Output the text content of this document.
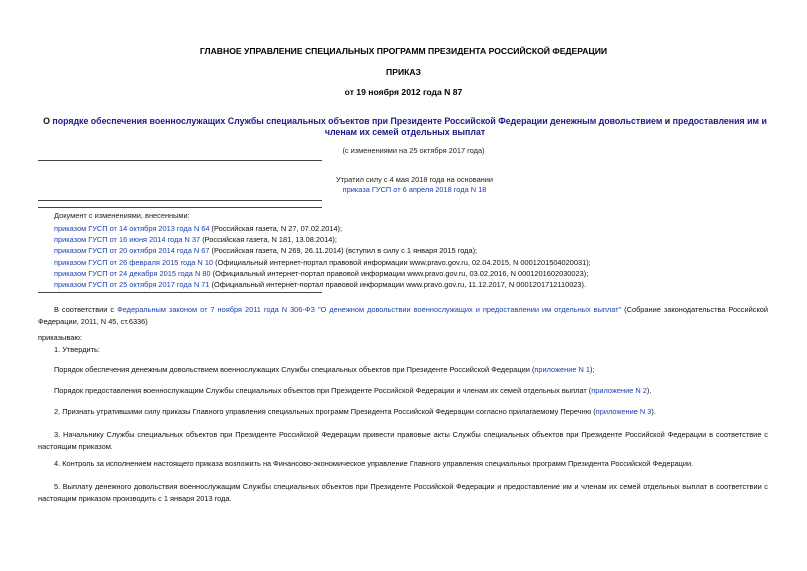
ГЛАВНОЕ УПРАВЛЕНИЕ СПЕЦИАЛЬНЫХ ПРОГРАММ ПРЕЗИДЕНТА РОССИЙСКОЙ ФЕДЕРАЦИИ
ПРИКАЗ
от 19 ноября 2012 года N 87
О порядке обеспечения военнослужащих Службы специальных объектов при Президенте Российской Федерации денежным довольствием и предоставления им и членам их семей отдельных выплат
(с изменениями на 25 октября 2017 года)
Утратил силу с 4 мая 2018 года на основании
приказа ГУСП от 6 апреля 2018 года N 18
Документ с изменениями, внесенными:
приказом ГУСП от 14 октября 2013 года N 64 (Российская газета, N 27, 07.02.2014);
приказом ГУСП от 16 июня 2014 года N 37 (Российская газета, N 181, 13.08.2014);
приказом ГУСП от 20 октября 2014 года N 67 (Российская газета, N 269, 26.11.2014) (вступил в силу с 1 января 2015 года);
приказом ГУСП от 26 февраля 2015 года N 10 (Официальный интернет-портал правовой информации www.pravo.gov.ru, 02.04.2015, N 0001201504020031);
приказом ГУСП от 24 декабря 2015 года N 80 (Официальный интернет-портал правовой информации www.pravo.gov.ru, 03.02.2016, N 0001201602030023);
приказом ГУСП от 25 октября 2017 года N 71 (Официальный интернет-портал правовой информации www.pravo.gov.ru, 11.12.2017, N 0001201712110023).
В соответствии с Федеральным законом от 7 ноября 2011 года N 306-ФЗ "О денежном довольствии военнослужащих и предоставлении им отдельных выплат" (Собрание законодательства Российской Федерации, 2011, N 45, ст.6336)
приказываю:
1. Утвердить:
Порядок обеспечения денежным довольствием военнослужащих Службы специальных объектов при Президенте Российской Федерации (приложение N 1);
Порядок предоставления военнослужащим Службы специальных объектов при Президенте Российской Федерации и членам их семей отдельных выплат (приложение N 2).
2. Признать утратившими силу приказы Главного управления специальных программ Президента Российской Федерации согласно прилагаемому Перечню (приложение N 3).
3. Начальнику Службы специальных объектов при Президенте Российской Федерации привести правовые акты Службы специальных объектов при Президенте Российской Федерации в соответствие с настоящим приказом.
4. Контроль за исполнением настоящего приказа возложить на Финансово-экономическое управление Главного управления специальных программ Президента Российской Федерации.
5. Выплату денежного довольствия военнослужащим Службы специальных объектов при Президенте Российской Федерации и предоставление им и членам их семей отдельных выплат в соответствии с настоящим приказом производить с 1 января 2013 года.
